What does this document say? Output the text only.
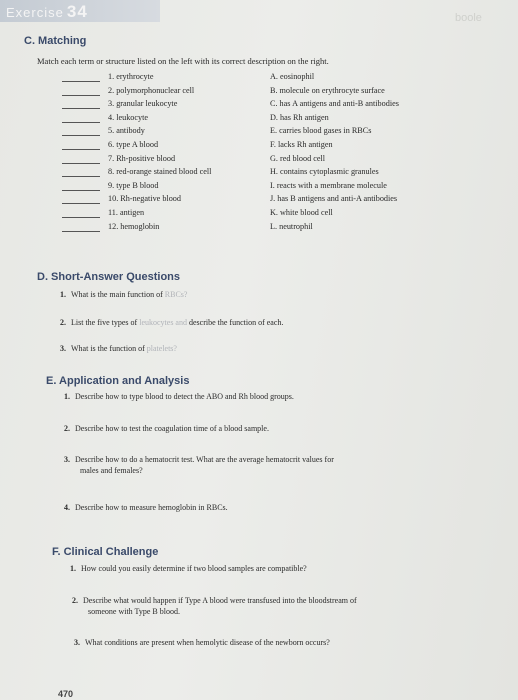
Exercise 34	boole
C. Matching
Match each term or structure listed on the left with its correct description on the right.
1. erythrocyte	A. eosinophil
2. polymorphonuclear cell	B. molecule on erythrocyte surface
3. granular leukocyte	C. has A antigens and anti-B antibodies
4. leukocyte	D. has Rh antigen
5. antibody	E. carries blood gases in RBCs
6. type A blood	F. lacks Rh antigen
7. Rh-positive blood	G. red blood cell
8. red-orange stained blood cell	H. contains cytoplasmic granules
9. type B blood	I. reacts with a membrane molecule
10. Rh-negative blood	J. has B antigens and anti-A antibodies
11. antigen	K. white blood cell
12. hemoglobin	L. neutrophil
D. Short-Answer Questions
1. What is the main function of RBCs?
2. List the five types of leukocytes and describe the function of each.
3. What is the function of platelets?
E. Application and Analysis
1. Describe how to type blood to detect the ABO and Rh blood groups.
2. Describe how to test the coagulation time of a blood sample.
3. Describe how to do a hematocrit test. What are the average hematocrit values for
males and females?
4. Describe how to measure hemoglobin in RBCs.
F. Clinical Challenge
1. How could you easily determine if two blood samples are compatible?
2. Describe what would happen if Type A blood were transfused into the bloodstream of
someone with Type B blood.
3. What conditions are present when hemolytic disease of the newborn occurs?
470
